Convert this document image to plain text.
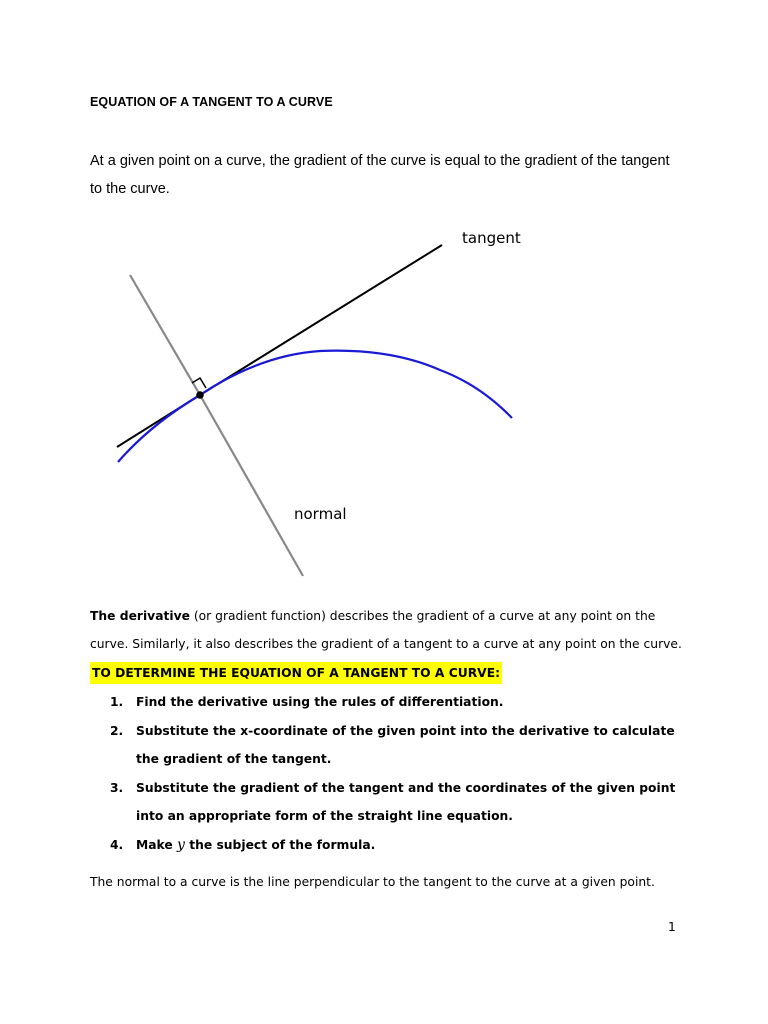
EQUATION OF A TANGENT TO A CURVE
At a given point on a curve, the gradient of the curve is equal to the gradient of the tangent to the curve.
tangent
normal
The derivative (or gradient function) describes the gradient of a curve at any point on the curve. Similarly, it also describes the gradient of a tangent to a curve at any point on the curve.
TO DETERMINE THE EQUATION OF A TANGENT TO A CURVE:
1. Find the derivative using the rules of differentiation.
2. Substitute the x-coordinate of the given point into the derivative to calculate the gradient of the tangent.
3. Substitute the gradient of the tangent and the coordinates of the given point into an appropriate form of the straight line equation.
4. Make y the subject of the formula.
The normal to a curve is the line perpendicular to the tangent to the curve at a given point.
1
